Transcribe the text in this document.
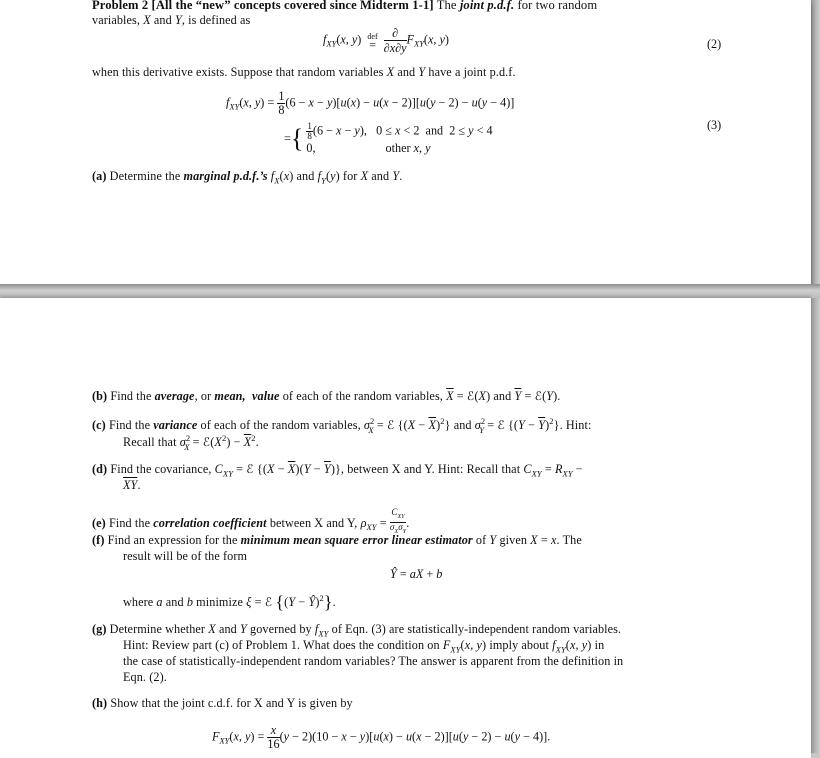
Problem 2 [All the “new” concepts covered since Midterm 1-1] The joint p.d.f. for two random
variables, X and Y, is defined as
$f_{XY}(x$, y) def
=
$\frac{\partial}{\partial x\partial y} F_{XY}(x$, y)	(2)
when this derivative exists. Suppose that random variables X and Y have a joint p.d.f.
$f_{XY}(x$, $y) = \frac{1}{8} (6 - x - y)[u(x) - u(x - 2)][u(y - 2) - u(y - 4)]$
={ $\frac{1}{8} (6 - x - y)$,   0 ≤ x < 2  and  2 ≤ y < 4
0,	other x, y
(3)
(a) Determine the marginal p.d.f.’s $f_X(x)$ and $f_Y(y)$ for X and Y.
(b) Find the average, or mean, value of each of the random variables, $\overline{X}$ = ℰ(X) and $\overline{Y}$ = ℰ(Y).
(c) Find the variance of each of the random variables, $\sigma^2_X$ = ℰ $\{(X - \overline{X})^2\}$ and $\sigma^2_Y$ = ℰ $\{(Y - \overline{Y})^2\}$. Hint:
Recall that $\sigma^2_X$ = $ℰ(X^2) - \overline{X}^2$.
(d) Find the covariance, $C_{XY}$ = ℰ $\{(X - \overline{X})(Y - \overline{Y})\}$, between X and Y. Hint: Recall that $C_{XY} = R_{XY}$ −
$\overline{XY}$.
(e) Find the correlation coefficient between X and Y, $\rho_{XY} = \frac{C_{XY}}{\sigma_X\sigma_Y}$ .
(f) Find an expression for the minimum mean square error linear estimator of Y given X = x. The
result will be of the form
Ŷ = aX + b
where a and b minimize ξ = ℰ {(Y − Ŷ)$^2$}.
(g) Determine whether X and Y governed by $f_{XY}$ of Eqn. (3) are statistically-independent random variables.
Hint: Review part (c) of Problem 1. What does the condition on $F_{XY}(x$, y) imply about $f_{XY}(x$, y) in
the case of statistically-independent random variables? The answer is apparent from the definition in
Eqn. (2).
(h) Show that the joint c.d.f. for X and Y is given by
$F_{XY}(x$, $y) = \frac{x}{16} (y - 2)(10 - x - y)[u(x) - u(x - 2)][u(y - 2) - u(y - 4)]$.
